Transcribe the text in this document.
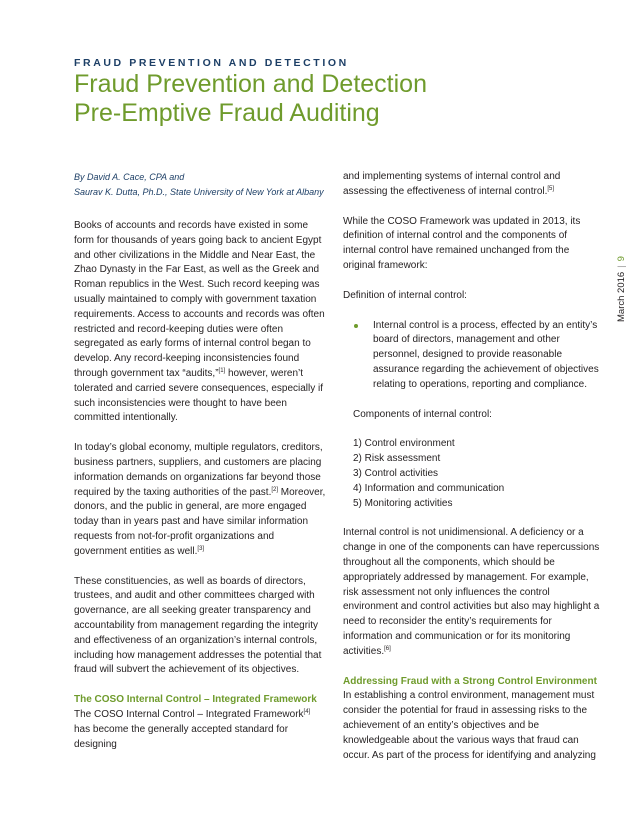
FRAUD PREVENTION AND DETECTION
Fraud Prevention and Detection
Pre-Emptive Fraud Auditing

By David A. Cace, CPA and
Saurav K. Dutta, Ph.D., State University of New York at Albany

Books of accounts and records have existed in some form for thousands of years going back to ancient Egypt and other civilizations in the Middle and Near East, the Zhao Dynasty in the Far East, as well as the Greek and Roman republics in the West. Such record keeping was usually maintained to comply with government taxation requirements. Access to accounts and records was often restricted and record-keeping duties were often segregated as early forms of internal control began to develop. Any record-keeping inconsistencies found through government tax “audits,”[1] however, weren’t tolerated and carried severe consequences, especially if such inconsistencies were thought to have been committed intentionally.

In today’s global economy, multiple regulators, creditors, business partners, suppliers, and customers are placing information demands on organizations far beyond those required by the taxing authorities of the past.[2] Moreover, donors, and the public in general, are more engaged today than in years past and have similar information requests from not-for-profit organizations and government entities as well.[3]

These constituencies, as well as boards of directors, trustees, and audit and other committees charged with governance, are all seeking greater transparency and accountability from management regarding the integrity and effectiveness of an organization’s internal controls, including how management addresses the potential that fraud will subvert the achievement of its objectives.

The COSO Internal Control – Integrated Framework

The COSO Internal Control – Integrated Framework[4] has become the generally accepted standard for designing

and implementing systems of internal control and assessing the effectiveness of internal control.[5]

While the COSO Framework was updated in 2013, its definition of internal control and the components of internal control have remained unchanged from the original framework:

Definition of internal control:

Internal control is a process, effected by an entity’s board of directors, management and other personnel, designed to provide reasonable assurance regarding the achievement of objectives relating to operations, reporting and compliance.

Components of internal control:

1) Control environment
2) Risk assessment
3) Control activities
4) Information and communication
5) Monitoring activities

Internal control is not unidimensional. A deficiency or a change in one of the components can have repercussions throughout all the components, which should be appropriately addressed by management. For example, risk assessment not only influences the control environment and control activities but also may highlight a need to reconsider the entity’s requirements for information and communication or for its monitoring activities.[6]

Addressing Fraud with a Strong Control Environment

In establishing a control environment, management must consider the potential for fraud in assessing risks to the achievement of an entity’s objectives and be knowledgeable about the various ways that fraud can occur. As part of the process for identifying and analyzing

March 2016|9
